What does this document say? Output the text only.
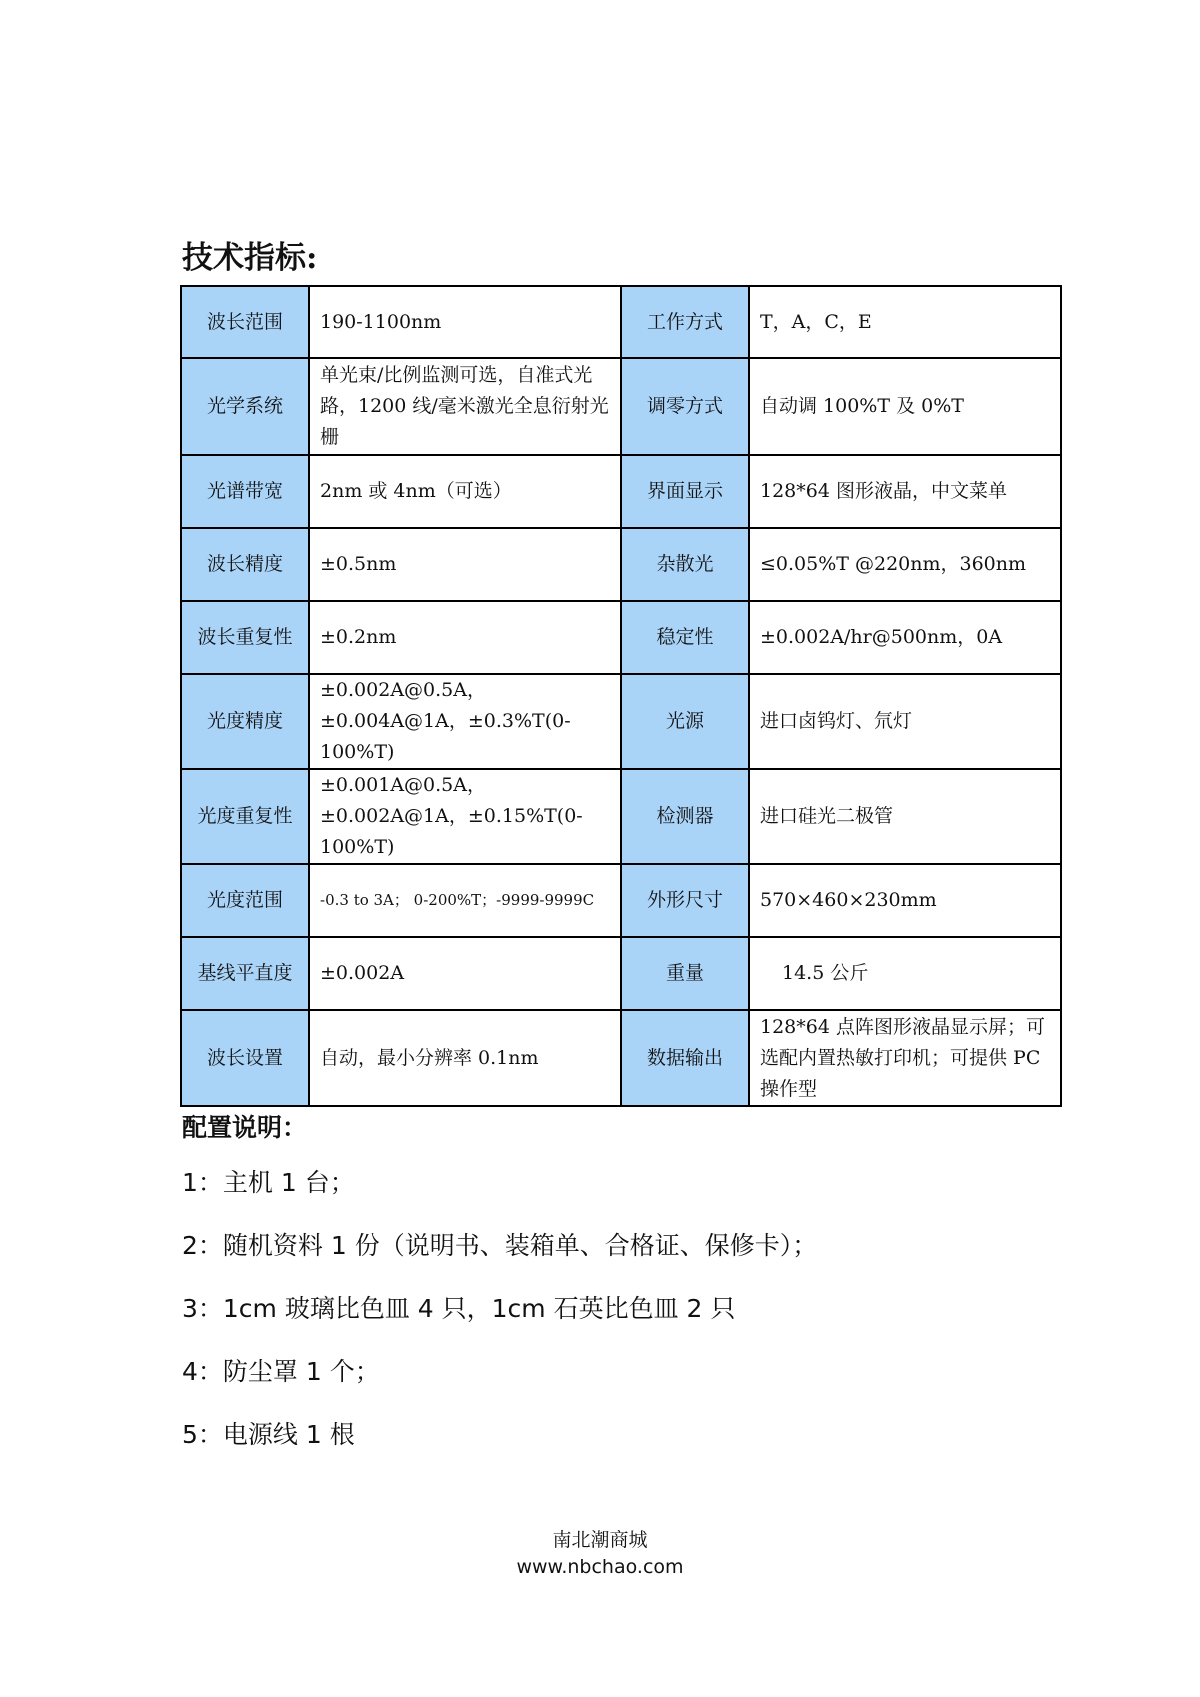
技术指标:
波长范围	190-1100nm	工作方式	T，A，C，E
光学系统	单光束/比例监测可选，自准式光路，1200 线/毫米激光全息衍射光栅	调零方式	自动调 100%T 及 0%T
光谱带宽	2nm 或 4nm（可选）	界面显示	128*64 图形液晶，中文菜单
波长精度	±0.5nm	杂散光	≤0.05%T @220nm，360nm
波长重复性	±0.2nm	稳定性	±0.002A/hr@500nm，0A
光度精度	±0.002A@0.5A，±0.004A@1A，±0.3%T(0-100%T)	光源	进口卤钨灯、氘灯
光度重复性	±0.001A@0.5A，±0.002A@1A，±0.15%T(0-100%T)	检测器	进口硅光二极管
光度范围	-0.3 to 3A； 0-200%T；-9999-9999C	外形尺寸	570×460×230mm
基线平直度	±0.002A	重量	14.5 公斤
波长设置	自动，最小分辨率 0.1nm	数据输出	128*64 点阵图形液晶显示屏；可选配内置热敏打印机；可提供 PC 操作型
配置说明：
1：主机 1 台；
2：随机资料 1 份（说明书、装箱单、合格证、保修卡）；
3：1cm 玻璃比色皿 4 只，1cm 石英比色皿 2 只
4：防尘罩 1 个；
5：电源线 1 根
南北潮商城
www.nbchao.com
